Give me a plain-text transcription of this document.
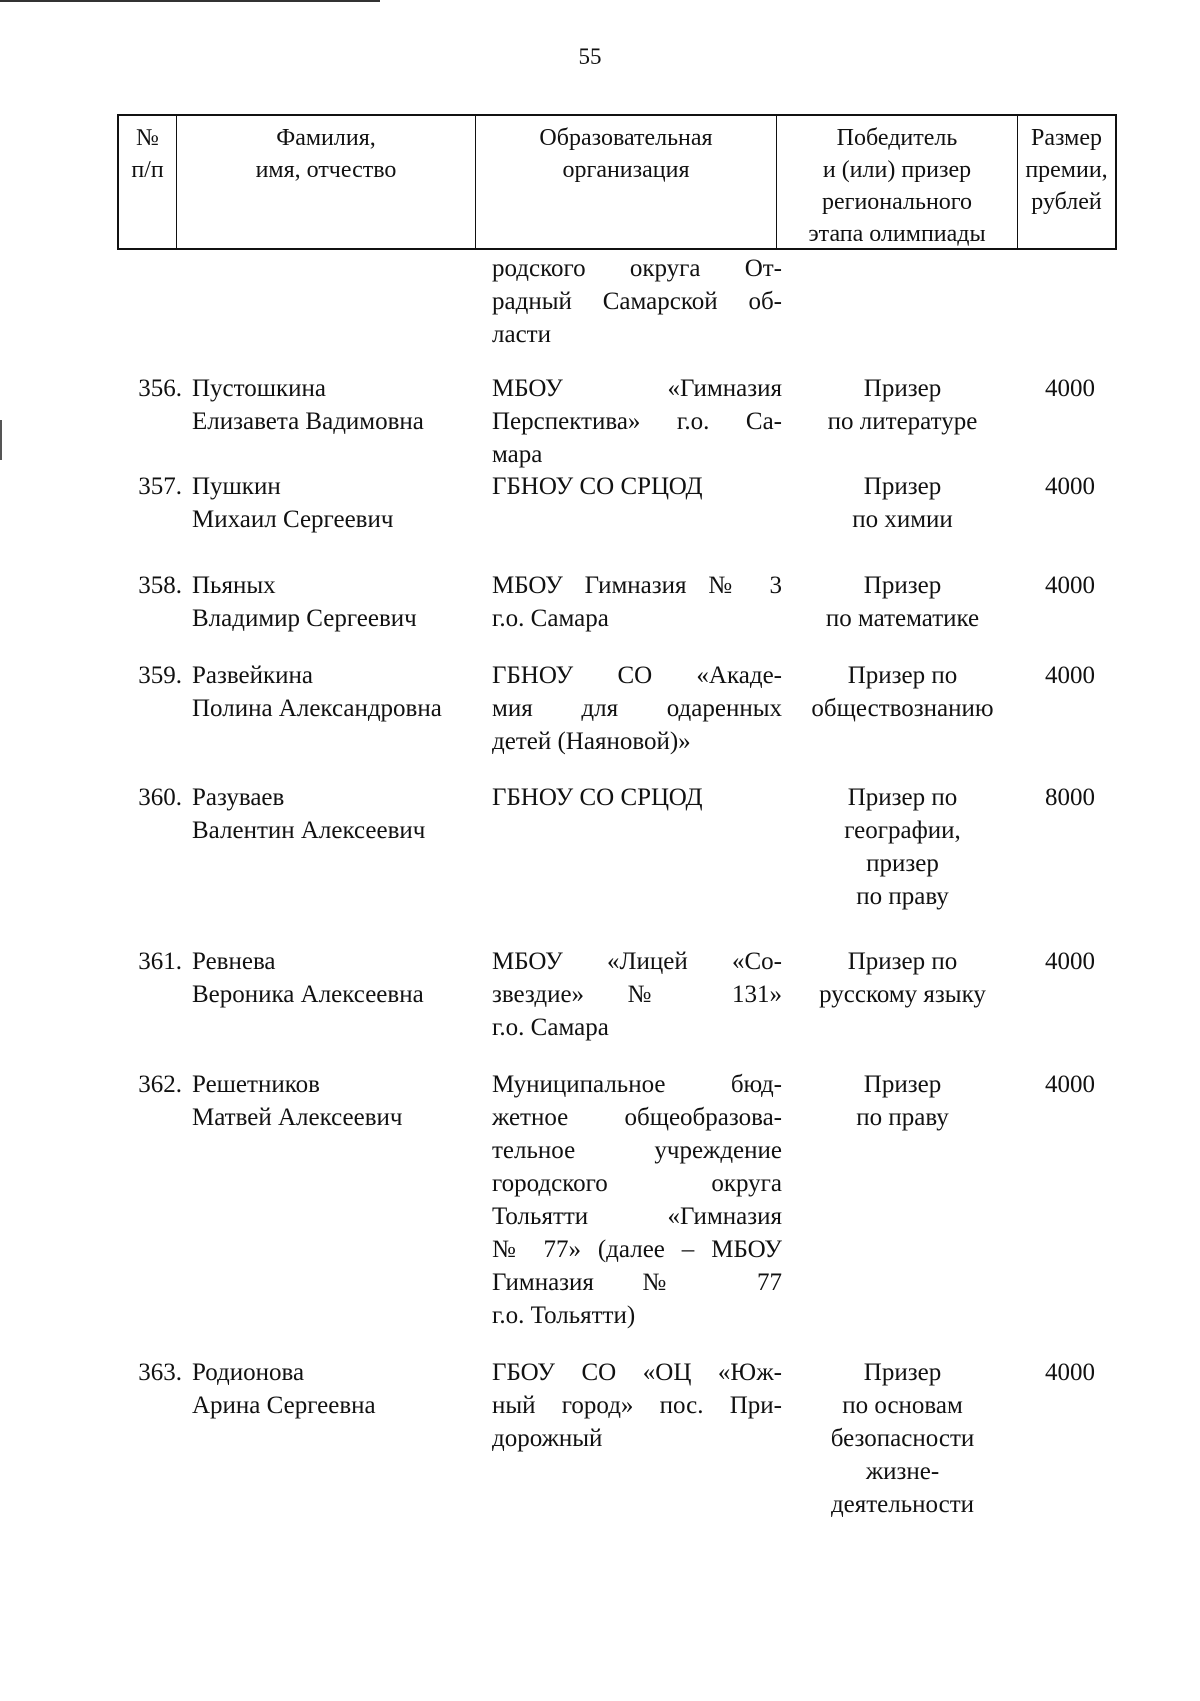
55
№
п/п
Фамилия,
имя, отчество
Образовательная
организация
Победитель
и (или) призер
регионального
этапа олимпиады
Размер
премии,
рублей
родского округа От-
радный Самарской об-
ласти
356. Пустошкина
Елизавета Вадимовна
МБОУ «Гимназия
Перспектива» г.о. Са-
мара
Призер
по литературе
4000
357. Пушкин
Михаил Сергеевич
ГБНОУ СО СРЦОД	Призер
по химии
4000
358. Пьяных
Владимир Сергеевич
МБОУ Гимназия № 3
г.о. Самара
Призер
по математике
4000
359. Развейкина
Полина Александровна
ГБНОУ СО «Акаде-
мия для одаренных
детей (Наяновой)»
Призер по
обществознанию
4000
360. Разуваев
Валентин Алексеевич
ГБНОУ СО СРЦОД	Призер по
географии,
призер
по праву
8000
361. Ревнева
Вероника Алексеевна
МБОУ «Лицей «Со-
звездие» № 131»
г.о. Самара
Призер по
русскому языку
4000
362. Решетников
Матвей Алексеевич
Муниципальное бюд-
жетное общеобразова-
тельное учреждение
городского округа
Тольятти «Гимназия
№ 77» (далее – МБОУ
Гимназия № 77
г.о. Тольятти)
Призер
по праву
4000
363. Родионова
Арина Сергеевна
ГБОУ СО «ОЦ «Юж-
ный город» пос. При-
дорожный
Призер
по основам
безопасности
жизне-
деятельности
4000
